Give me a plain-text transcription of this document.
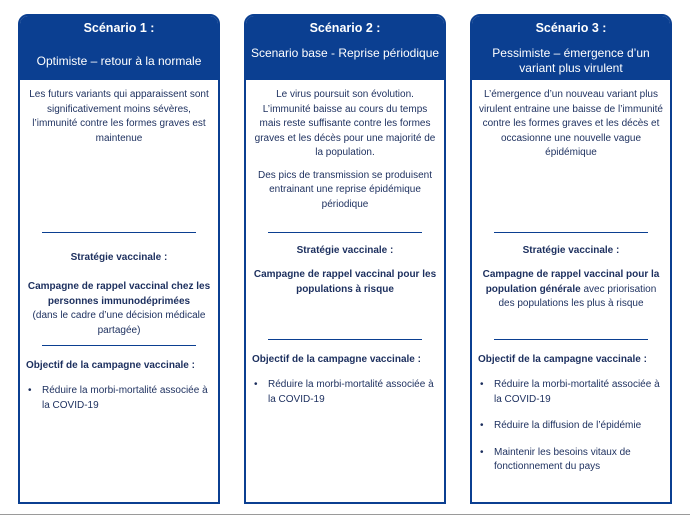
Scénario 1 :
Optimiste – retour à la normale
Les futurs variants qui apparaissent sont significativement moins sévères, l’immunité contre les formes graves est maintenue
Stratégie vaccinale :
Campagne de rappel vaccinal chez les personnes immunodéprimées
(dans le cadre d’une décision médicale partagée)
Objectif de la campagne vaccinale :
• Réduire la morbi-mortalité associée à la COVID-19
Scénario 2 :
Scenario base - Reprise périodique
Le virus poursuit son évolution. L’immunité baisse au cours du temps mais reste suffisante contre les formes graves et les décès pour une majorité de la population.
Des pics de transmission se produisent entrainant une reprise épidémique périodique
Stratégie vaccinale :
Campagne de rappel vaccinal pour les populations à risque
Objectif de la campagne vaccinale :
• Réduire la morbi-mortalité associée à la COVID-19
Scénario 3 :
Pessimiste – émergence d’un variant plus virulent
L’émergence d’un nouveau variant plus virulent entraine une baisse de l’immunité contre les formes graves et les décès et occasionne une nouvelle vague épidémique
Stratégie vaccinale :
Campagne de rappel vaccinal pour la population générale avec priorisation des populations les plus à risque
Objectif de la campagne vaccinale :
• Réduire la morbi-mortalité associée à la COVID-19
• Réduire la diffusion de l’épidémie
• Maintenir les besoins vitaux de fonctionnement du pays
